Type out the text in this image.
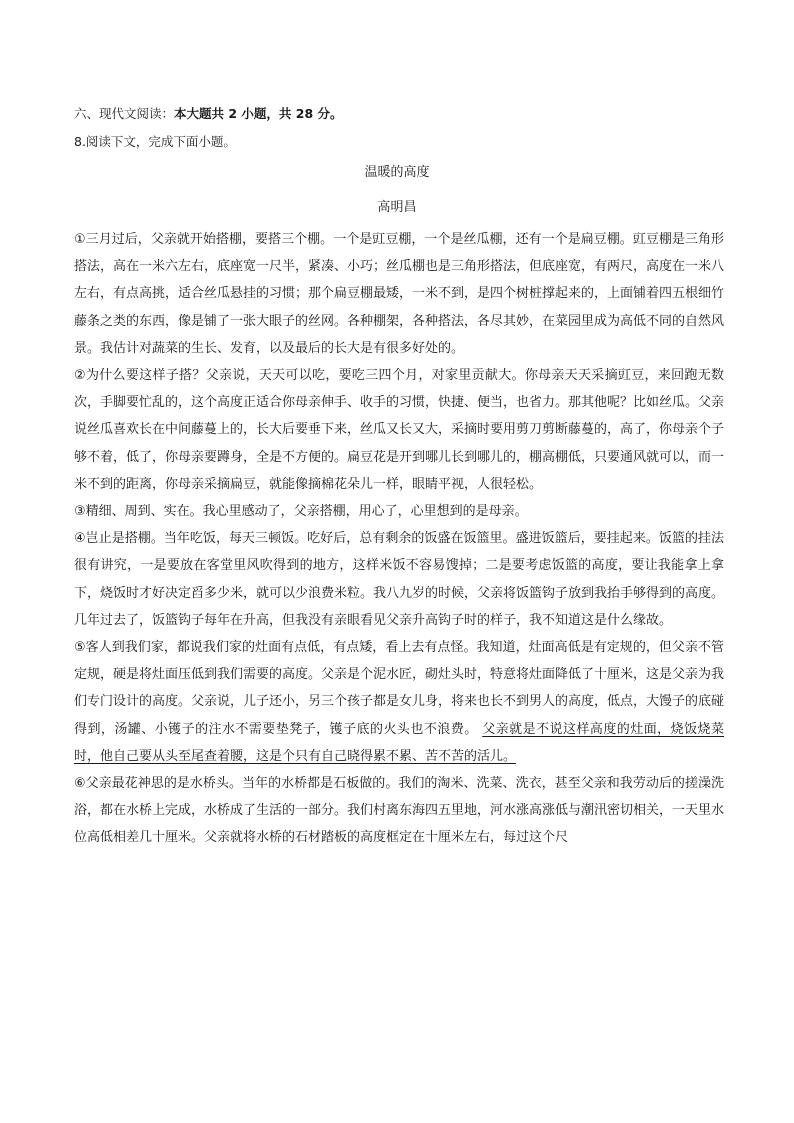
六、现代文阅读：本大题共 2 小题，共 28 分。
8.阅读下文，完成下面小题。
温暖的高度
高明昌

①三月过后，父亲就开始搭棚，要搭三个棚。一个是豇豆棚，一个是丝瓜棚，还有一个是扁豆棚。豇豆棚是三角形搭法，高在一米六左右，底座宽一尺半，紧凑、小巧；丝瓜棚也是三角形搭法，但底座宽，有两尺，高度在一米八左右，有点高挑，适合丝瓜悬挂的习惯；那个扁豆棚最矮，一米不到，是四个树桩撑起来的，上面铺着四五根细竹藤条之类的东西，像是铺了一张大眼子的丝网。各种棚架，各种搭法，各尽其妙，在菜园里成为高低不同的自然风景。我估计对蔬菜的生长、发育，以及最后的长大是有很多好处的。

②为什么要这样子搭？父亲说，天天可以吃，要吃三四个月，对家里贡献大。你母亲天天采摘豇豆，来回跑无数次，手脚要忙乱的，这个高度正适合你母亲伸手、收手的习惯，快捷、便当，也省力。那其他呢？比如丝瓜。父亲说丝瓜喜欢长在中间藤蔓上的，长大后要垂下来，丝瓜又长又大，采摘时要用剪刀剪断藤蔓的，高了，你母亲个子够不着，低了，你母亲要蹲身，全是不方便的。扁豆花是开到哪儿长到哪儿的，棚高棚低，只要通风就可以，而一米不到的距离，你母亲采摘扁豆，就能像摘棉花朵儿一样，眼睛平视，人很轻松。

③精细、周到、实在。我心里感动了，父亲搭棚，用心了，心里想到的是母亲。

④岂止是搭棚。当年吃饭，每天三顿饭。吃好后，总有剩余的饭盛在饭篮里。盛进饭篮后，要挂起来。饭篮的挂法很有讲究，一是要放在客堂里风吹得到的地方，这样米饭不容易馊掉；二是要考虑饭篮的高度，要让我能拿上拿下，烧饭时才好决定舀多少米，就可以少浪费米粒。我八九岁的时候，父亲将饭篮钩子放到我抬手够得到的高度。几年过去了，饭篮钩子每年在升高，但我没有亲眼看见父亲升高钩子时的样子，我不知道这是什么缘故。

⑤客人到我们家，都说我们家的灶面有点低，有点矮，看上去有点怪。我知道，灶面高低是有定规的，但父亲不管定规，硬是将灶面压低到我们需要的高度。父亲是个泥水匠，砌灶头时，特意将灶面降低了十厘米，这是父亲为我们专门设计的高度。父亲说，儿子还小，另三个孩子都是女儿身，将来也长不到男人的高度，低点，大馒子的底碰得到，汤罐、小镬子的注水不需要垫凳子，镬子底的火头也不浪费。 父亲就是不说这样高度的灶面，烧饭烧菜时，他自己要从头至尾查着腰，这是个只有自己晓得累不累、苦不苦的活儿。

⑥父亲最花神思的是水桥头。当年的水桥都是石板做的。我们的淘米、洗菜、洗衣，甚至父亲和我劳动后的搓澡洗浴，都在水桥上完成，水桥成了生活的一部分。我们村离东海四五里地，河水涨高涨低与潮汛密切相关，一天里水位高低相差几十厘米。父亲就将水桥的石材踏板的高度框定在十厘米左右，每过这个尺
